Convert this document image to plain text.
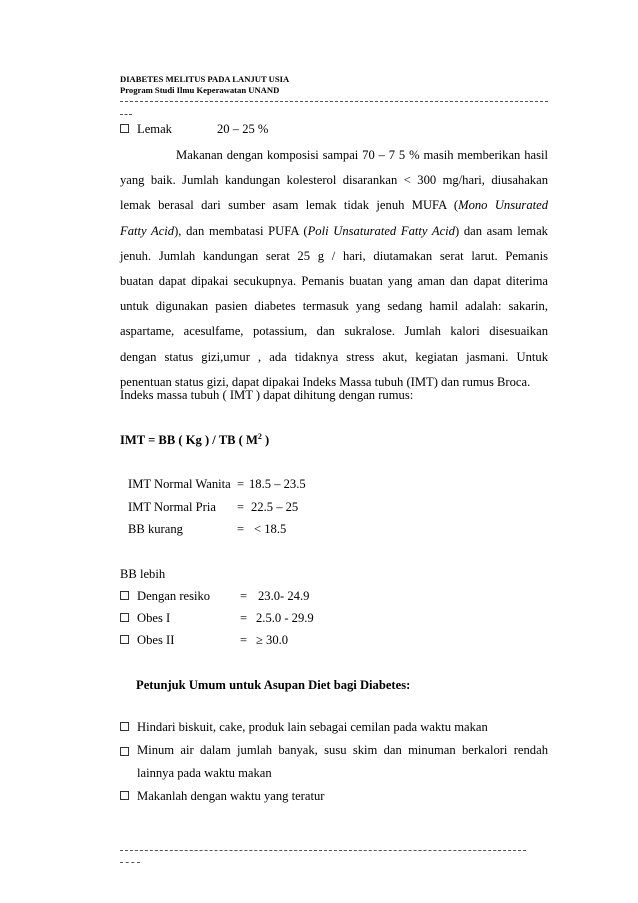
DIABETES MELITUS PADA LANJUT USIA
Program Studi Ilmu Keperawatan UNAND
Lemak	20 – 25 %
Makanan dengan komposisi sampai 70 – 7 5 % masih memberikan hasil
yang baik. Jumlah kandungan kolesterol disarankan < 300 mg/hari, diusahakan
lemak berasal dari sumber asam lemak tidak jenuh MUFA (Mono Unsurated
Fatty Acid), dan membatasi PUFA (Poli Unsaturated Fatty Acid) dan asam lemak
jenuh. Jumlah kandungan serat 25 g / hari, diutamakan serat larut. Pemanis
buatan dapat dipakai secukupnya. Pemanis buatan yang aman dan dapat diterima
untuk digunakan pasien diabetes termasuk yang sedang hamil adalah: sakarin,
aspartame, acesulfame, potassium, dan sukralose. Jumlah kalori disesuaikan
dengan status gizi,umur , ada tidaknya stress akut, kegiatan jasmani. Untuk
penentuan status gizi, dapat dipakai Indeks Massa tubuh (IMT) dan rumus Broca.
Indeks massa tubuh ( IMT ) dapat dihitung dengan rumus:
IMT = BB ( Kg ) / TB ( $M^2$ )
IMT Normal Wanita = 18.5 – 23.5
IMT Normal Pria = 22.5 – 25
BB kurang	= < 18.5
BB lebih
Dengan resiko = 23.0- 24.9
Obes I	= 2.5.0 - 29.9
Obes II	= ≥ 30.0
Petunjuk Umum untuk Asupan Diet bagi Diabetes:
Hindari biskuit, cake, produk lain sebagai cemilan pada waktu makan
Minum air dalam jumlah banyak, susu skim dan minuman berkalori rendah
lainnya pada waktu makan
Makanlah dengan waktu yang teratur
